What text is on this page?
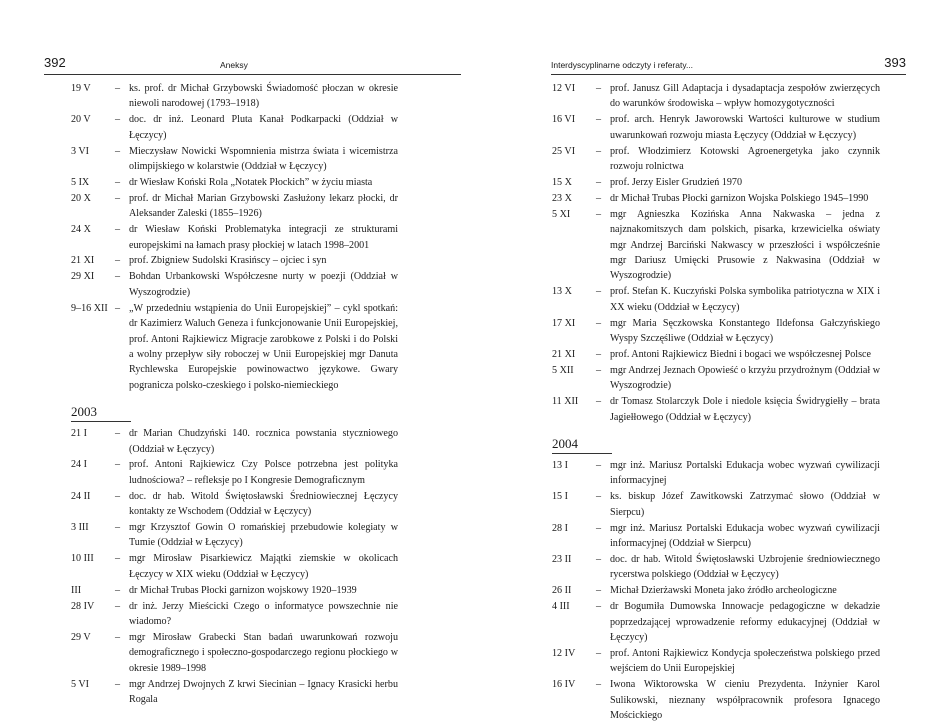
392	Aneksy
19 V	– ks. prof. dr Michał Grzybowski Świadomość płoczan w okresie niewoli narodowej (1793–1918)
20 V	– doc. dr inż. Leonard Pluta Kanał Podkarpacki (Oddział w Łęczycy)
3 VI	– Mieczysław Nowicki Wspomnienia mistrza świata i wicemistrza olimpijskiego w kolarstwie (Oddział w Łęczycy)
5 IX	– dr Wiesław Koński Rola „Notatek Płockich” w życiu miasta
20 X	– prof. dr Michał Marian Grzybowski Zasłużony lekarz płocki, dr Aleksander Zaleski (1855–1926)
24 X	– dr Wiesław Koński Problematyka integracji ze strukturami europejskimi na łamach prasy płockiej w latach 1998–2001
21 XI	– prof. Zbigniew Sudolski Krasińscy – ojciec i syn
29 XI	– Bohdan Urbankowski Współczesne nurty w poezji (Oddział w Wyszogrodzie)
9–16 XII – „W przededniu wstąpienia do Unii Europejskiej” – cykl spotkań: dr Kazimierz Waluch Geneza i funkcjonowanie Unii Europejskiej, prof. Antoni Rajkiewicz Migracje zarobkowe z Polski i do Polski a wolny przepływ siły roboczej w Unii Europejskiej mgr Danuta Rychlewska Europejskie powinowactwo językowe. Gwary pogranicza polsko-czeskiego i polsko-niemieckiego
2003
21 I	– dr Marian Chudzyński 140. rocznica powstania styczniowego (Oddział w Łęczycy)
24 I	– prof. Antoni Rajkiewicz Czy Polsce potrzebna jest polityka ludnościowa? – refleksje po I Kongresie Demograficznym
24 II	– doc. dr hab. Witold Świętosławski Średniowiecznej Łęczycy kontakty ze Wschodem (Oddział w Łęczycy)
3 III	– mgr Krzysztof Gowin O romańskiej przebudowie kolegiaty w Tumie (Oddział w Łęczycy)
10 III	– mgr Mirosław Pisarkiewicz Majątki ziemskie w okolicach Łęczycy w XIX wieku (Oddział w Łęczycy)
III	– dr Michał Trubas Płocki garnizon wojskowy 1920–1939
28 IV	– dr inż. Jerzy Mieścicki Czego o informatyce powszechnie nie wiadomo?
29 V	– mgr Mirosław Grabecki Stan badań uwarunkowań rozwoju demograficznego i społeczno-gospodarczego regionu płockiego w okresie 1989–1998
5 VI	– mgr Andrzej Dwojnych Z krwi Siecinian – Ignacy Krasicki herbu Rogala
Interdyscyplinarne odczyty i referaty...	393
12 VI	– prof. Janusz Gill Adaptacja i dysadaptacja zespołów zwierzęcych do warunków środowiska – wpływ homozygotyczności
16 VI	– prof. arch. Henryk Jaworowski Wartości kulturowe w studium uwarunkowań rozwoju miasta Łęczycy (Oddział w Łęczycy)
25 VI	– prof. Włodzimierz Kotowski Agroenergetyka jako czynnik rozwoju rolnictwa
15 X	– prof. Jerzy Eisler Grudzień 1970
23 X	– dr Michał Trubas Płocki garnizon Wojska Polskiego 1945–1990
5 XI	– mgr Agnieszka Kozińska Anna Nakwaska – jedna z najznakomitszych dam polskich, pisarka, krzewicielka oświaty mgr Andrzej Barciński Nakwascy w przeszłości i współcześnie mgr Dariusz Umięcki Prusowie z Nakwasina (Oddział w Wyszogrodzie)
13 X	– prof. Stefan K. Kuczyński Polska symbolika patriotyczna w XIX i XX wieku (Oddział w Łęczycy)
17 XI	– mgr Maria Sęczkowska Konstantego Ildefonsa Gałczyńskiego Wyspy Szczęśliwe (Oddział w Łęczycy)
21 XI	– prof. Antoni Rajkiewicz Biedni i bogaci we współczesnej Polsce
5 XII	– mgr Andrzej Jeznach Opowieść o krzyżu przydrożnym (Oddział w Wyszogrodzie)
11 XII	– dr Tomasz Stolarczyk Dole i niedole księcia Świdrygiełły – brata Jagiełłowego (Oddział w Łęczycy)
2004
13 I	– mgr inż. Mariusz Portalski Edukacja wobec wyzwań cywilizacji informacyjnej
15 I	– ks. biskup Józef Zawitkowski Zatrzymać słowo (Oddział w Sierpcu)
28 I	– mgr inż. Mariusz Portalski Edukacja wobec wyzwań cywilizacji informacyjnej (Oddział w Sierpcu)
23 II	– doc. dr hab. Witold Świętosławski Uzbrojenie średniowiecznego rycerstwa polskiego (Oddział w Łęczycy)
26 II	– Michał Dzierżawski Moneta jako źródło archeologiczne
4 III	– dr Bogumiła Dumowska Innowacje pedagogiczne w dekadzie poprzedzającej wprowadzenie reformy edukacyjnej (Oddział w Łęczycy)
12 IV	– prof. Antoni Rajkiewicz Kondycja społeczeństwa polskiego przed wejściem do Unii Europejskiej
16 IV	– Iwona Wiktorowska W cieniu Prezydenta. Inżynier Karol Sulikowski, nieznany współpracownik profesora Ignacego Mościckiego
